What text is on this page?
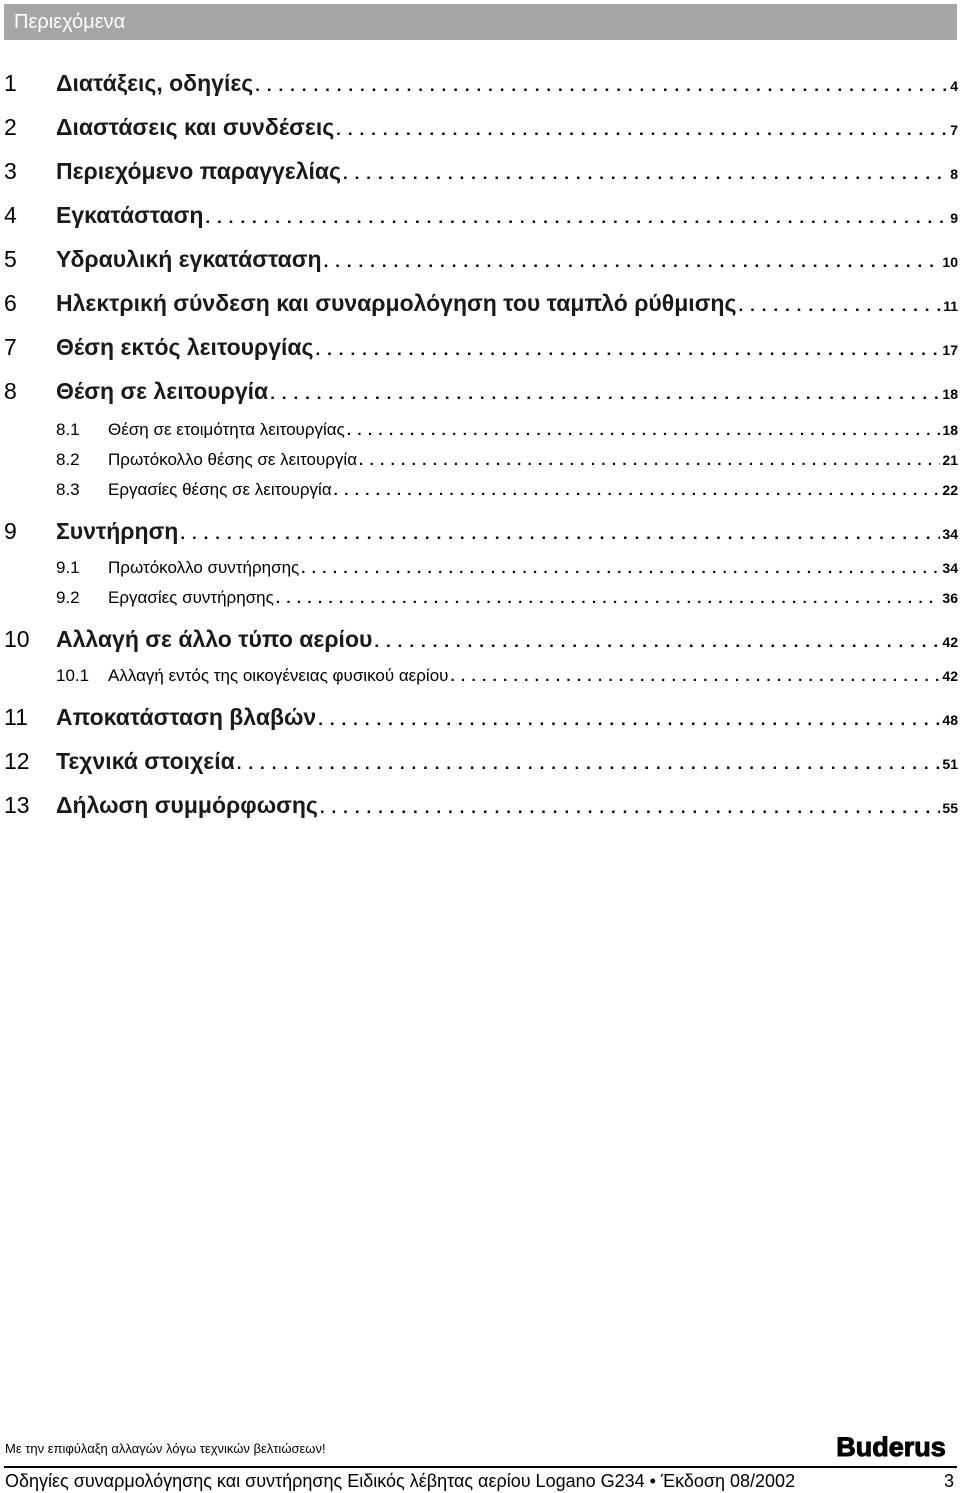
Περιεχόμενα
1	Διατάξεις, οδηγίες . . .	4
2	Διαστάσεις και συνδέσεις . . .	7
3	Περιεχόμενο παραγγελίας . . .	8
4	Εγκατάσταση . . .	9
5	Υδραυλική εγκατάσταση . . .	10
6	Ηλεκτρική σύνδεση και συναρμολόγηση του ταμπλό ρύθμισης . . .	11
7	Θέση εκτός λειτουργίας . . .	17
8	Θέση σε λειτουργία . . .	18
8.1	Θέση σε ετοιμότητα λειτουργίας . . .	18
8.2	Πρωτόκολλο θέσης σε λειτουργία . . .	21
8.3	Εργασίες θέσης σε λειτουργία . . .	22
9	Συντήρηση . . .	34
9.1	Πρωτόκολλο συντήρησης . . .	34
9.2	Εργασίες συντήρησης . . .	36
10	Αλλαγή σε άλλο τύπο αερίου . . .	42
10.1	Αλλαγή εντός της οικογένειας φυσικού αερίου . . .	42
11	Αποκατάσταση βλαβών . . .	48
12	Τεχνικά στοιχεία . . .	51
13	Δήλωση συμμόρφωσης . . .	55
Με την επιφύλαξη αλλαγών λόγω τεχνικών βελτιώσεων!	Buderus
Οδηγίες συναρμολόγησης και συντήρησης Ειδικός λέβητας αερίου Logano G234 • Έκδοση 08/2002	3
